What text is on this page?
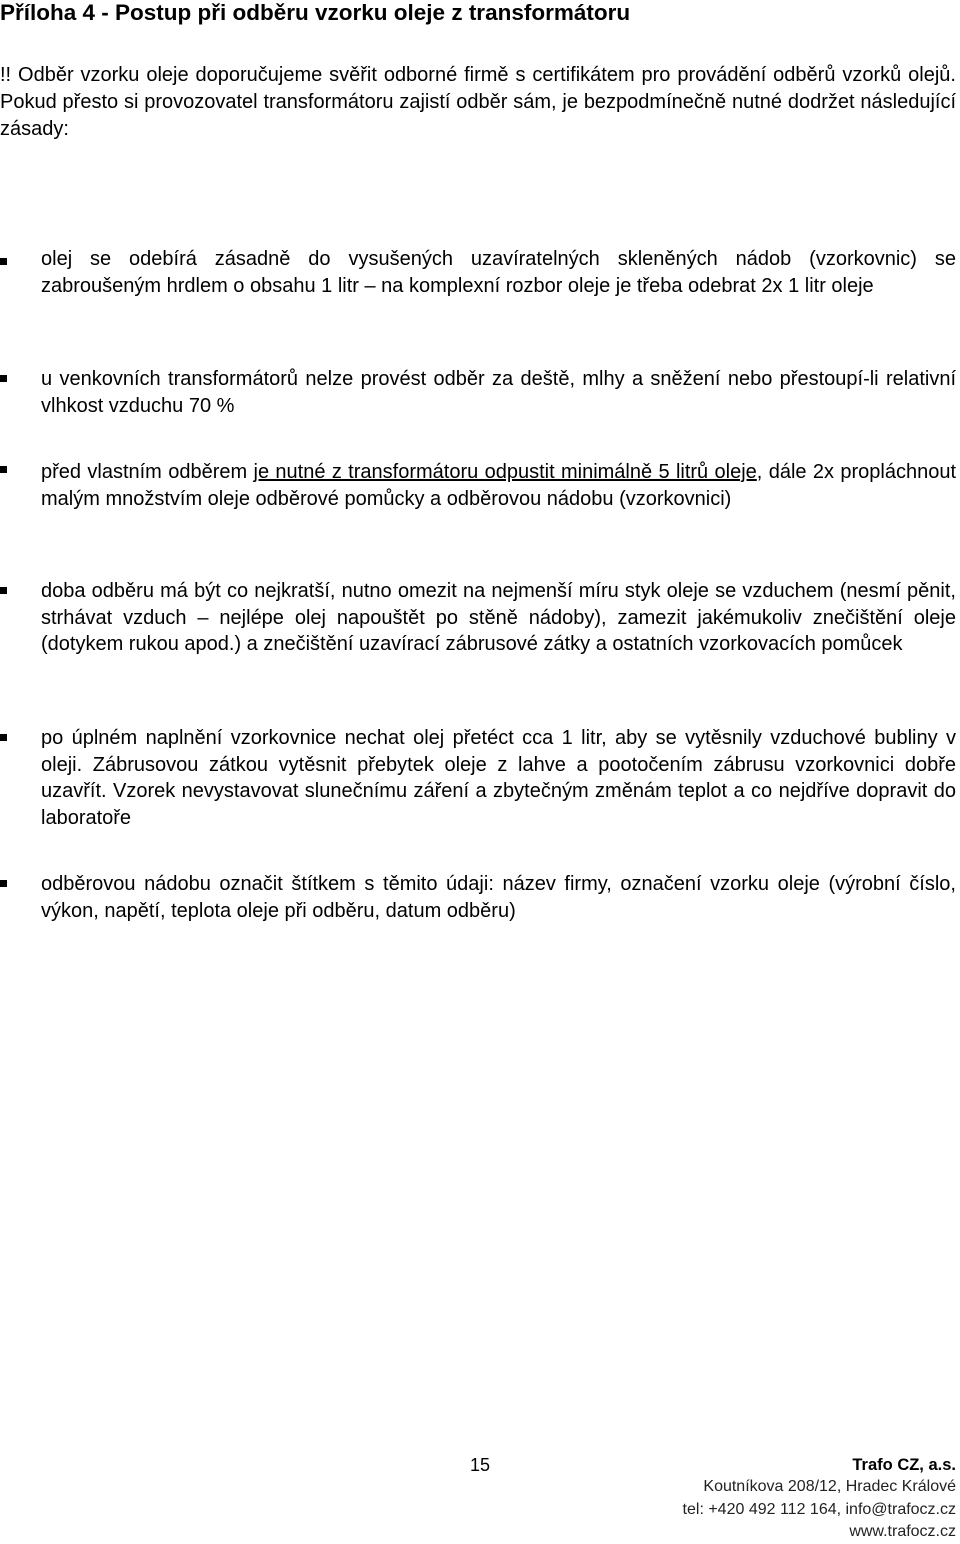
Příloha 4 - Postup při odběru vzorku oleje z transformátoru

!! Odběr vzorku oleje doporučujeme svěřit odborné firmě s certifikátem pro provádění odběrů vzorků olejů. Pokud přesto si provozovatel transformátoru zajistí odběr sám, je bezpodmínečně nutné dodržet následující zásady:

olej se odebírá zásadně do vysušených uzavíratelných skleněných nádob (vzorkovnic) se zabroušeným hrdlem o obsahu 1 litr – na komplexní rozbor oleje je třeba odebrat 2x 1 litr oleje

u venkovních transformátorů nelze provést odběr za deště, mlhy a sněžení nebo přestoupí-li relativní vlhkost vzduchu 70 %

před vlastním odběrem je nutné z transformátoru odpustit minimálně 5 litrů oleje, dále 2x propláchnout malým množstvím oleje odběrové pomůcky a odběrovou nádobu (vzorkovnici)

doba odběru má být co nejkratší, nutno omezit na nejmenší míru styk oleje se vzduchem (nesmí pěnit, strhávat vzduch – nejlépe olej napouštět po stěně nádoby), zamezit jakémukoliv znečištění oleje (dotykem rukou apod.) a znečištění uzavírací zábrusové zátky a ostatních vzorkovacích pomůcek

po úplném naplnění vzorkovnice nechat olej přetéct cca 1 litr, aby se vytěsnily vzduchové bubliny v oleji. Zábrusovou zátkou vytěsnit přebytek oleje z lahve a pootočením zábrusu vzorkovnici dobře uzavřít. Vzorek nevystavovat slunečnímu záření a zbytečným změnám teplot a co nejdříve dopravit do laboratoře

odběrovou nádobu označit štítkem s těmito údaji: název firmy, označení vzorku oleje (výrobní číslo, výkon, napětí, teplota oleje při odběru, datum odběru)

15	Trafo CZ, a.s.
Koutníkova 208/12, Hradec Králové
tel: +420 492 112 164, info@trafocz.cz
www.trafocz.cz
